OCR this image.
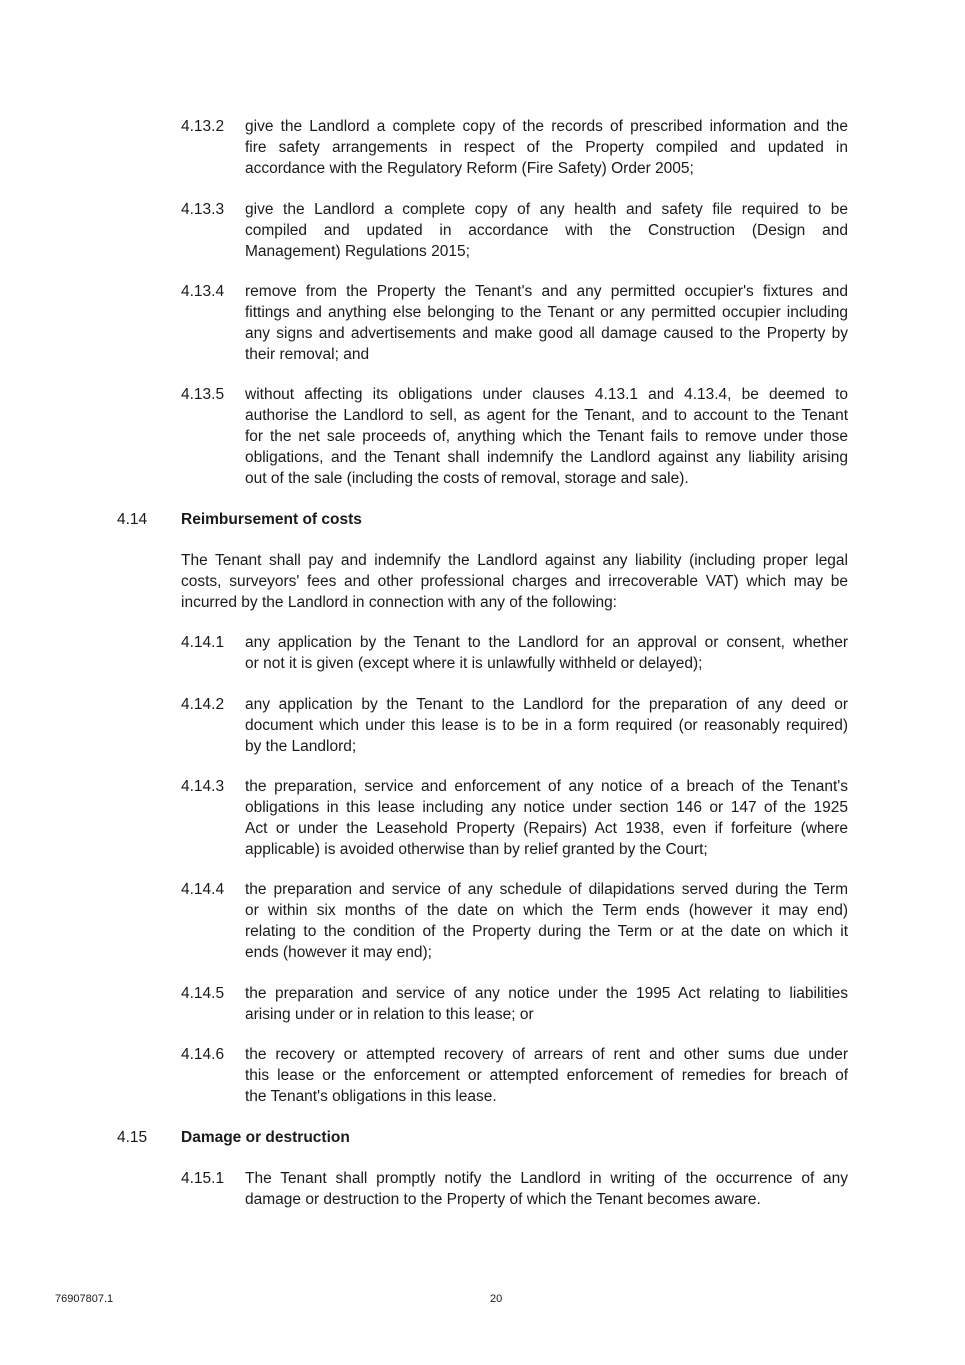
4.13.2 give the Landlord a complete copy of the records of prescribed information and the
fire safety arrangements in respect of the Property compiled and updated in
accordance with the Regulatory Reform (Fire Safety) Order 2005;
4.13.3 give the Landlord a complete copy of any health and safety file required to be
compiled and updated in accordance with the Construction (Design and
Management) Regulations 2015;
4.13.4 remove from the Property the Tenant's and any permitted occupier's fixtures and
fittings and anything else belonging to the Tenant or any permitted occupier including
any signs and advertisements and make good all damage caused to the Property by
their removal; and
4.13.5 without affecting its obligations under clauses 4.13.1 and 4.13.4, be deemed to
authorise the Landlord to sell, as agent for the Tenant, and to account to the Tenant
for the net sale proceeds of, anything which the Tenant fails to remove under those
obligations, and the Tenant shall indemnify the Landlord against any liability arising
out of the sale (including the costs of removal, storage and sale).
4.14.1 any application by the Tenant to the Landlord for an approval or consent, whether
or not it is given (except where it is unlawfully withheld or delayed);
4.14.2 any application by the Tenant to the Landlord for the preparation of any deed or
document which under this lease is to be in a form required (or reasonably required)
by the Landlord;
4.14.3 the preparation, service and enforcement of any notice of a breach of the Tenant's
obligations in this lease including any notice under section 146 or 147 of the 1925
Act or under the Leasehold Property (Repairs) Act 1938, even if forfeiture (where
applicable) is avoided otherwise than by relief granted by the Court;
4.14.4 the preparation and service of any schedule of dilapidations served during the Term
or within six months of the date on which the Term ends (however it may end)
relating to the condition of the Property during the Term or at the date on which it
ends (however it may end);
4.14.5 the preparation and service of any notice under the 1995 Act relating to liabilities
arising under or in relation to this lease; or
4.14.6 the recovery or attempted recovery of arrears of rent and other sums due under
this lease or the enforcement or attempted enforcement of remedies for breach of
the Tenant's obligations in this lease.
4.15.1 The Tenant shall promptly notify the Landlord in writing of the occurrence of any
damage or destruction to the Property of which the Tenant becomes aware.
4.14 Reimbursement of costs
4.15 Damage or destruction
The Tenant shall pay and indemnify the Landlord against any liability (including proper legal
costs, surveyors' fees and other professional charges and irrecoverable VAT) which may be
incurred by the Landlord in connection with any of the following:
76907807.1	20
